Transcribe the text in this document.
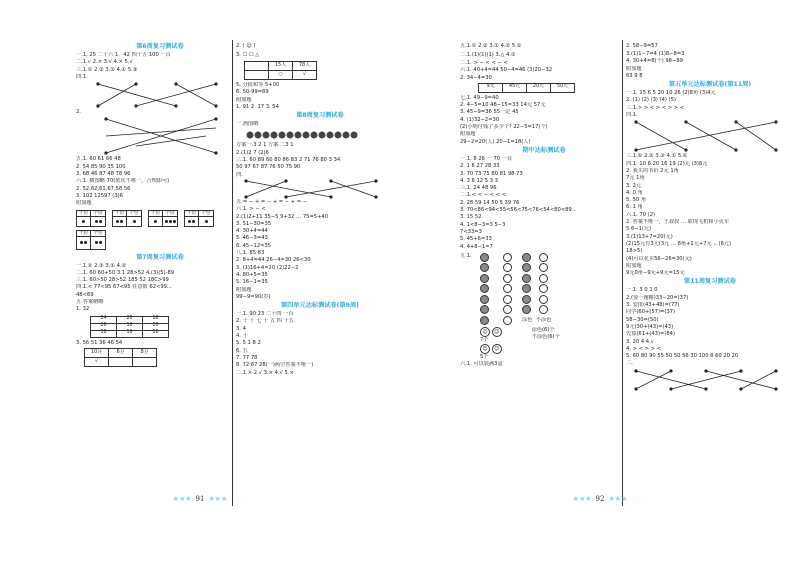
第6周复习测试卷
一.1. 25 二十六 1．42 四十五 100 一百
二.1.√ 2.× 3.√ 4.× 5.√
三.1.① 2.③ 3.② 4.① 5.③
四.1.
2.
五.1. 60 61 66 48
2. 54 85 90 35 100
3. 68 46 87 48 78 96
六.1. 横图略 70(依次不唯一，合理即可)
2. 52,62,61,67,58,56
3. 102 12597 (3)6
附加题
十位	个位	十位	个位	十位	个位	十位	个位
十位	个位
第7周复习测试卷
一.1.② 2.③ 3.① 4.②
二.1. 60 60+50 3.1 28>52 4.(3)(5)-89
三.1. 60>50 28>52 185 52 18C>99
四.1.< 77<95 67<95 任意数 62<99...
48<69
五.答案略略
1. 32
24	20	18
26	18	20
18	16	16
3. 56 51 36 46 54
10分	6分	8分
√		
2. ( ☺ )
3. ☐ ☐ △
	15人	78人
	○	√
5. 分批和等 5+00
6. 50-99=89
附加题
1. 91 2. 17 3. 54
第8周复习测试卷
一.画图略
方案一.3 2 1 方案二.3 1
2.(1)2 7 (2)6
三.1. 60 89 60 80 86 83 2 71 76 80 3 34
50 97 67 87 76 50 75 90
四.
五.= − + = − + = − + = −
六.1. > − <
2.(1)2+11 35−5 9+32 … 75=5+40
3. 51−30=35
4. 30+4=44
5. 46−3=43
6. 45−12=35
八.1. 85 83
2. 8+4=44 26−4=30 26<30
3. (1)16+4=20 (2)22−2
4. 80+5=35
5. 16−1=35
附加题
99−9=90(岁)
第四单元达标测试卷(第9周)
一.1. 90 23 二十四 一百
2. 十 十 七 十 五 四 十五
3. 4
4. 十
5. 5 1 8 2
6. 五
7. 77 78
8. 72 67 28(一)两空答案不唯一)
二.1.× 2.√ 3.× 4.√ 5.×
★★★ 91 ★★★
五.1.① 2.② 3.① 4.② 5.①
二.1.(1)(1)(1) 3.△ 4.①
二.1. > − < < − <
六.1. 40+4=44 50−4=46 (3)20−32
2. 34−4=30
9元	45元	20元	50元
七.1. 49−9=40
2. 4−5=10 48−15=33 14元 57元
3. 45−9=36 55一定 45
4. (1)32−2=30
(2)小明付钱了多少个? 22−5=17(个)
附加题
29−2=20(人) 20−1=18(人)
期中达标测试卷
一.1. 8 26 一 70 一百
2. 1 6 27 28 33
3. 70 73 75 80 81 98 73
4. 3 6 12 5 3 3
三.1. 24 48 96
二.1.< < − < < <
2. 28 59 14 50 5 39 76
3. 70<86<94<55<56<75<76<54<80<89...
3. 15 52
4. 1<8−3=3 5−3
7<33=3
5. 45+6=33
4. 4+8−1=7
五.1.
涂色 不涂色
☺ ☺
7个
☺ ☺
5个
涂色(6)个
不涂色(6)个
六.1. 可以装满3盒
2. 58−9=57
3.(1)1−7=4 (1)8−8=3
4. 30+4=8(个) 98−89
附加题
63 9 8
第五单元达标测试卷(第11周)
一.1. 15 6 5 20 10 26 (2)8角 (3)4元
2. (1) (2) (3) (4) (5)
三.1.> > < > < > > <
四.1.
三.1.① 2.② 3.③ 4.① 5.①
四.1. 10 6 20 16 19 (2)元 (3)8元
2. 我买的书价 2元 1角
7元 1角
3. 2元
4. 0 角
5. 50 角
6. 1 角
六.1. 70 (2)
2. 答案不唯一，王叔叔 ... 联现飞机和小火车
5 6−1(元)
3.(1)13+7=20(元)
(2)15元有3元(3元 ... 8角+1元+7元 …(6元)
18>5)
(4)可以花买56−26=30(元)
附加题
9元0角−9元+9元=15元
第11周复习测试卷
一.1. 3 0 1 0
2.(要一题略)33−20=(37)
3. 安排(43+48)=(77)
同学(60+(57)=(37)
58−30=(50)
9元(30+(43)=(43)
先算(61+(43)=(84)
3. 20 4 4.√
4. > < > > <
5. 60 80 90 55 50 50 56 30 100 8 60 20 20
二.
★★★ 92 ★★★
